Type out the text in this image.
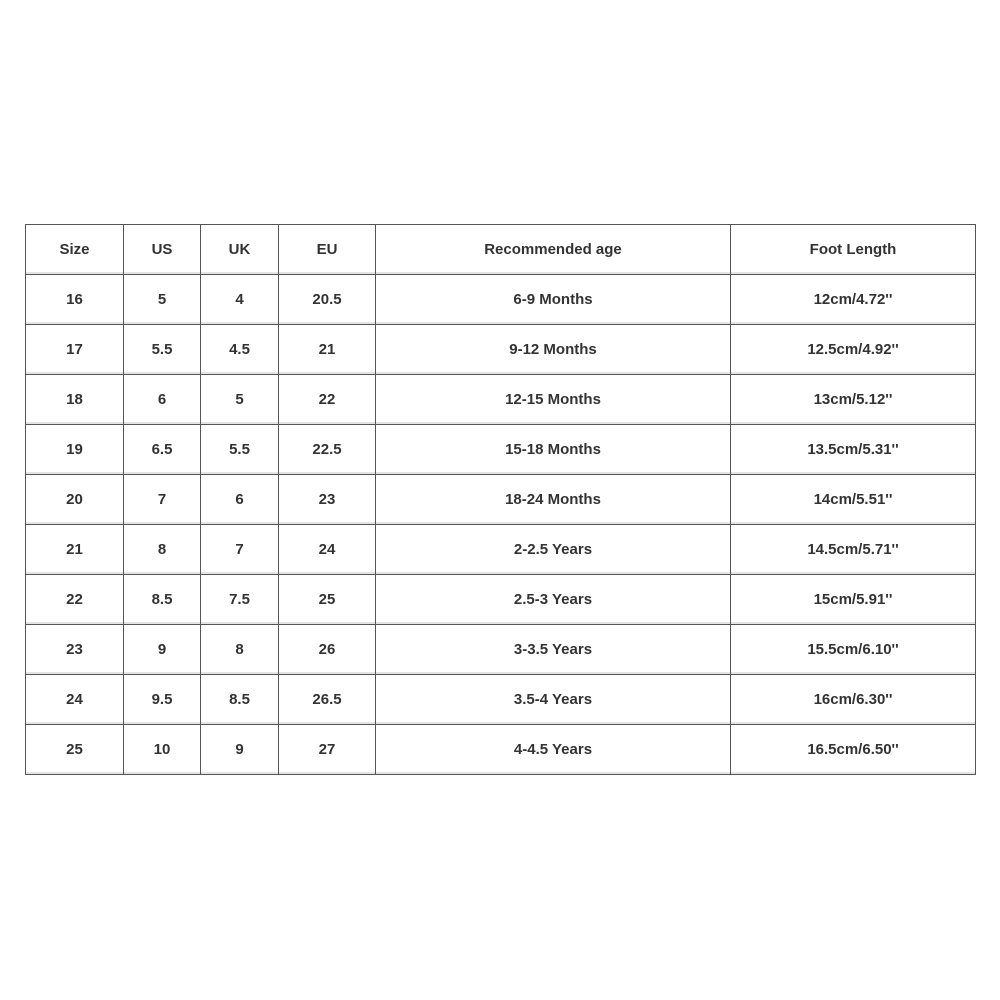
Size	US	UK	EU	Recommended age	Foot Length
16	5	4	20.5	6-9 Months	12cm/4.72''
17	5.5	4.5	21	9-12 Months	12.5cm/4.92''
18	6	5	22	12-15 Months	13cm/5.12''
19	6.5	5.5	22.5	15-18 Months	13.5cm/5.31''
20	7	6	23	18-24 Months	14cm/5.51''
21	8	7	24	2-2.5 Years	14.5cm/5.71''
22	8.5	7.5	25	2.5-3 Years	15cm/5.91''
23	9	8	26	3-3.5 Years	15.5cm/6.10''
24	9.5	8.5	26.5	3.5-4 Years	16cm/6.30''
25	10	9	27	4-4.5 Years	16.5cm/6.50''
